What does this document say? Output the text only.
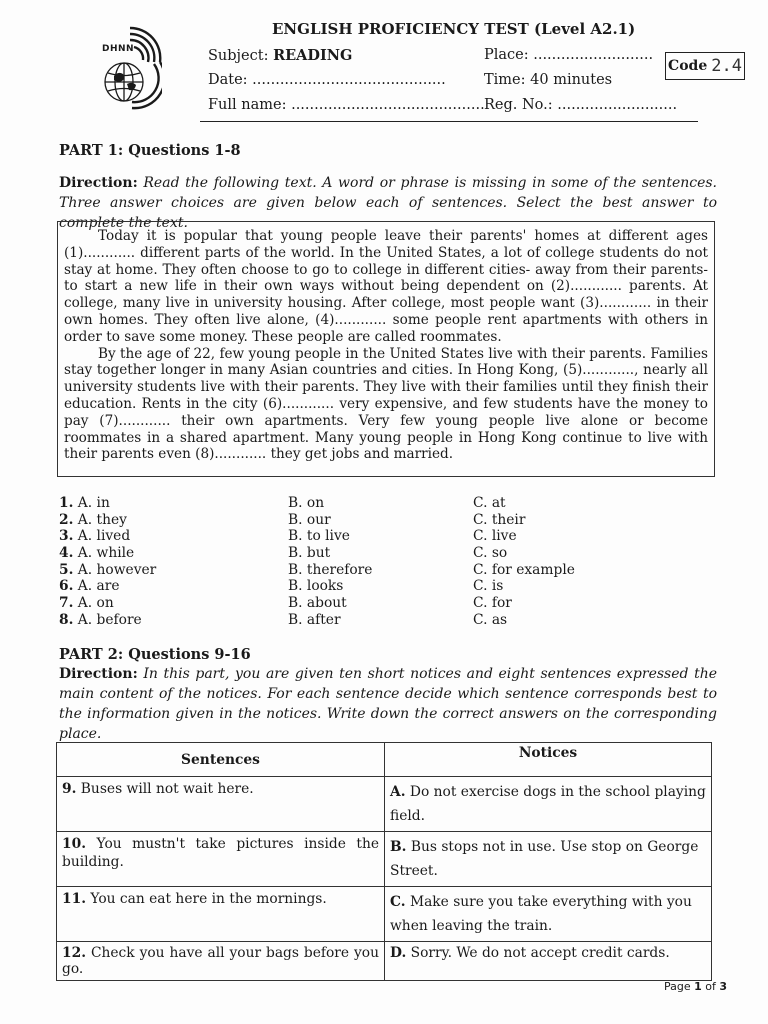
DHNN
ENGLISH PROFICIENCY TEST (Level A2.1)
Subject: READING
Date: ..........................................
Full name: ..........................................
Place: ..........................
Time: 40 minutes
Reg. No.: ..........................
Code 2.4
PART 1: Questions 1-8
Direction: Read the following text. A word or phrase is missing in some of the sentences. Three answer choices are given below each of sentences. Select the best answer to complete the text.

Today it is popular that young people leave their parents' homes at different ages (1)............ different parts of the world. In the United States, a lot of college students do not stay at home. They often choose to go to college in different cities- away from their parents- to start a new life in their own ways without being dependent on (2)............ parents. At college, many live in university housing. After college, most people want (3)............ in their own homes. They often live alone, (4)............ some people rent apartments with others in order to save some money. These people are called roommates.

By the age of 22, few young people in the United States live with their parents. Families stay together longer in many Asian countries and cities. In Hong Kong, (5)............, nearly all university students live with their parents. They live with their families until they finish their education. Rents in the city (6)............ very expensive, and few students have the money to pay (7)............ their own apartments. Very few young people live alone or become roommates in a shared apartment. Many young people in Hong Kong continue to live with their parents even (8)............ they get jobs and married.

1. A. in	B. on	C. at
2. A. they	B. our	C. their
3. A. lived	B. to live	C. live
4. A. while	B. but	C. so
5. A. however	B. therefore	C. for example
6. A. are	B. looks	C. is
7. A. on	B. about	C. for
8. A. before	B. after	C. as
PART 2: Questions 9-16
Direction: In this part, you are given ten short notices and eight sentences expressed the main content of the notices. For each sentence decide which sentence corresponds best to the information given in the notices. Write down the correct answers on the corresponding place.
Sentences	Notices
9. Buses will not wait here.	A. Do not exercise dogs in the school playing field.
10. You mustn't take pictures inside the building.	B. Bus stops not in use. Use stop on George Street.
11. You can eat here in the mornings.	C. Make sure you take everything with you when leaving the train.
12. Check you have all your bags before you go.	D. Sorry. We do not accept credit cards.
Page 1 of 3
